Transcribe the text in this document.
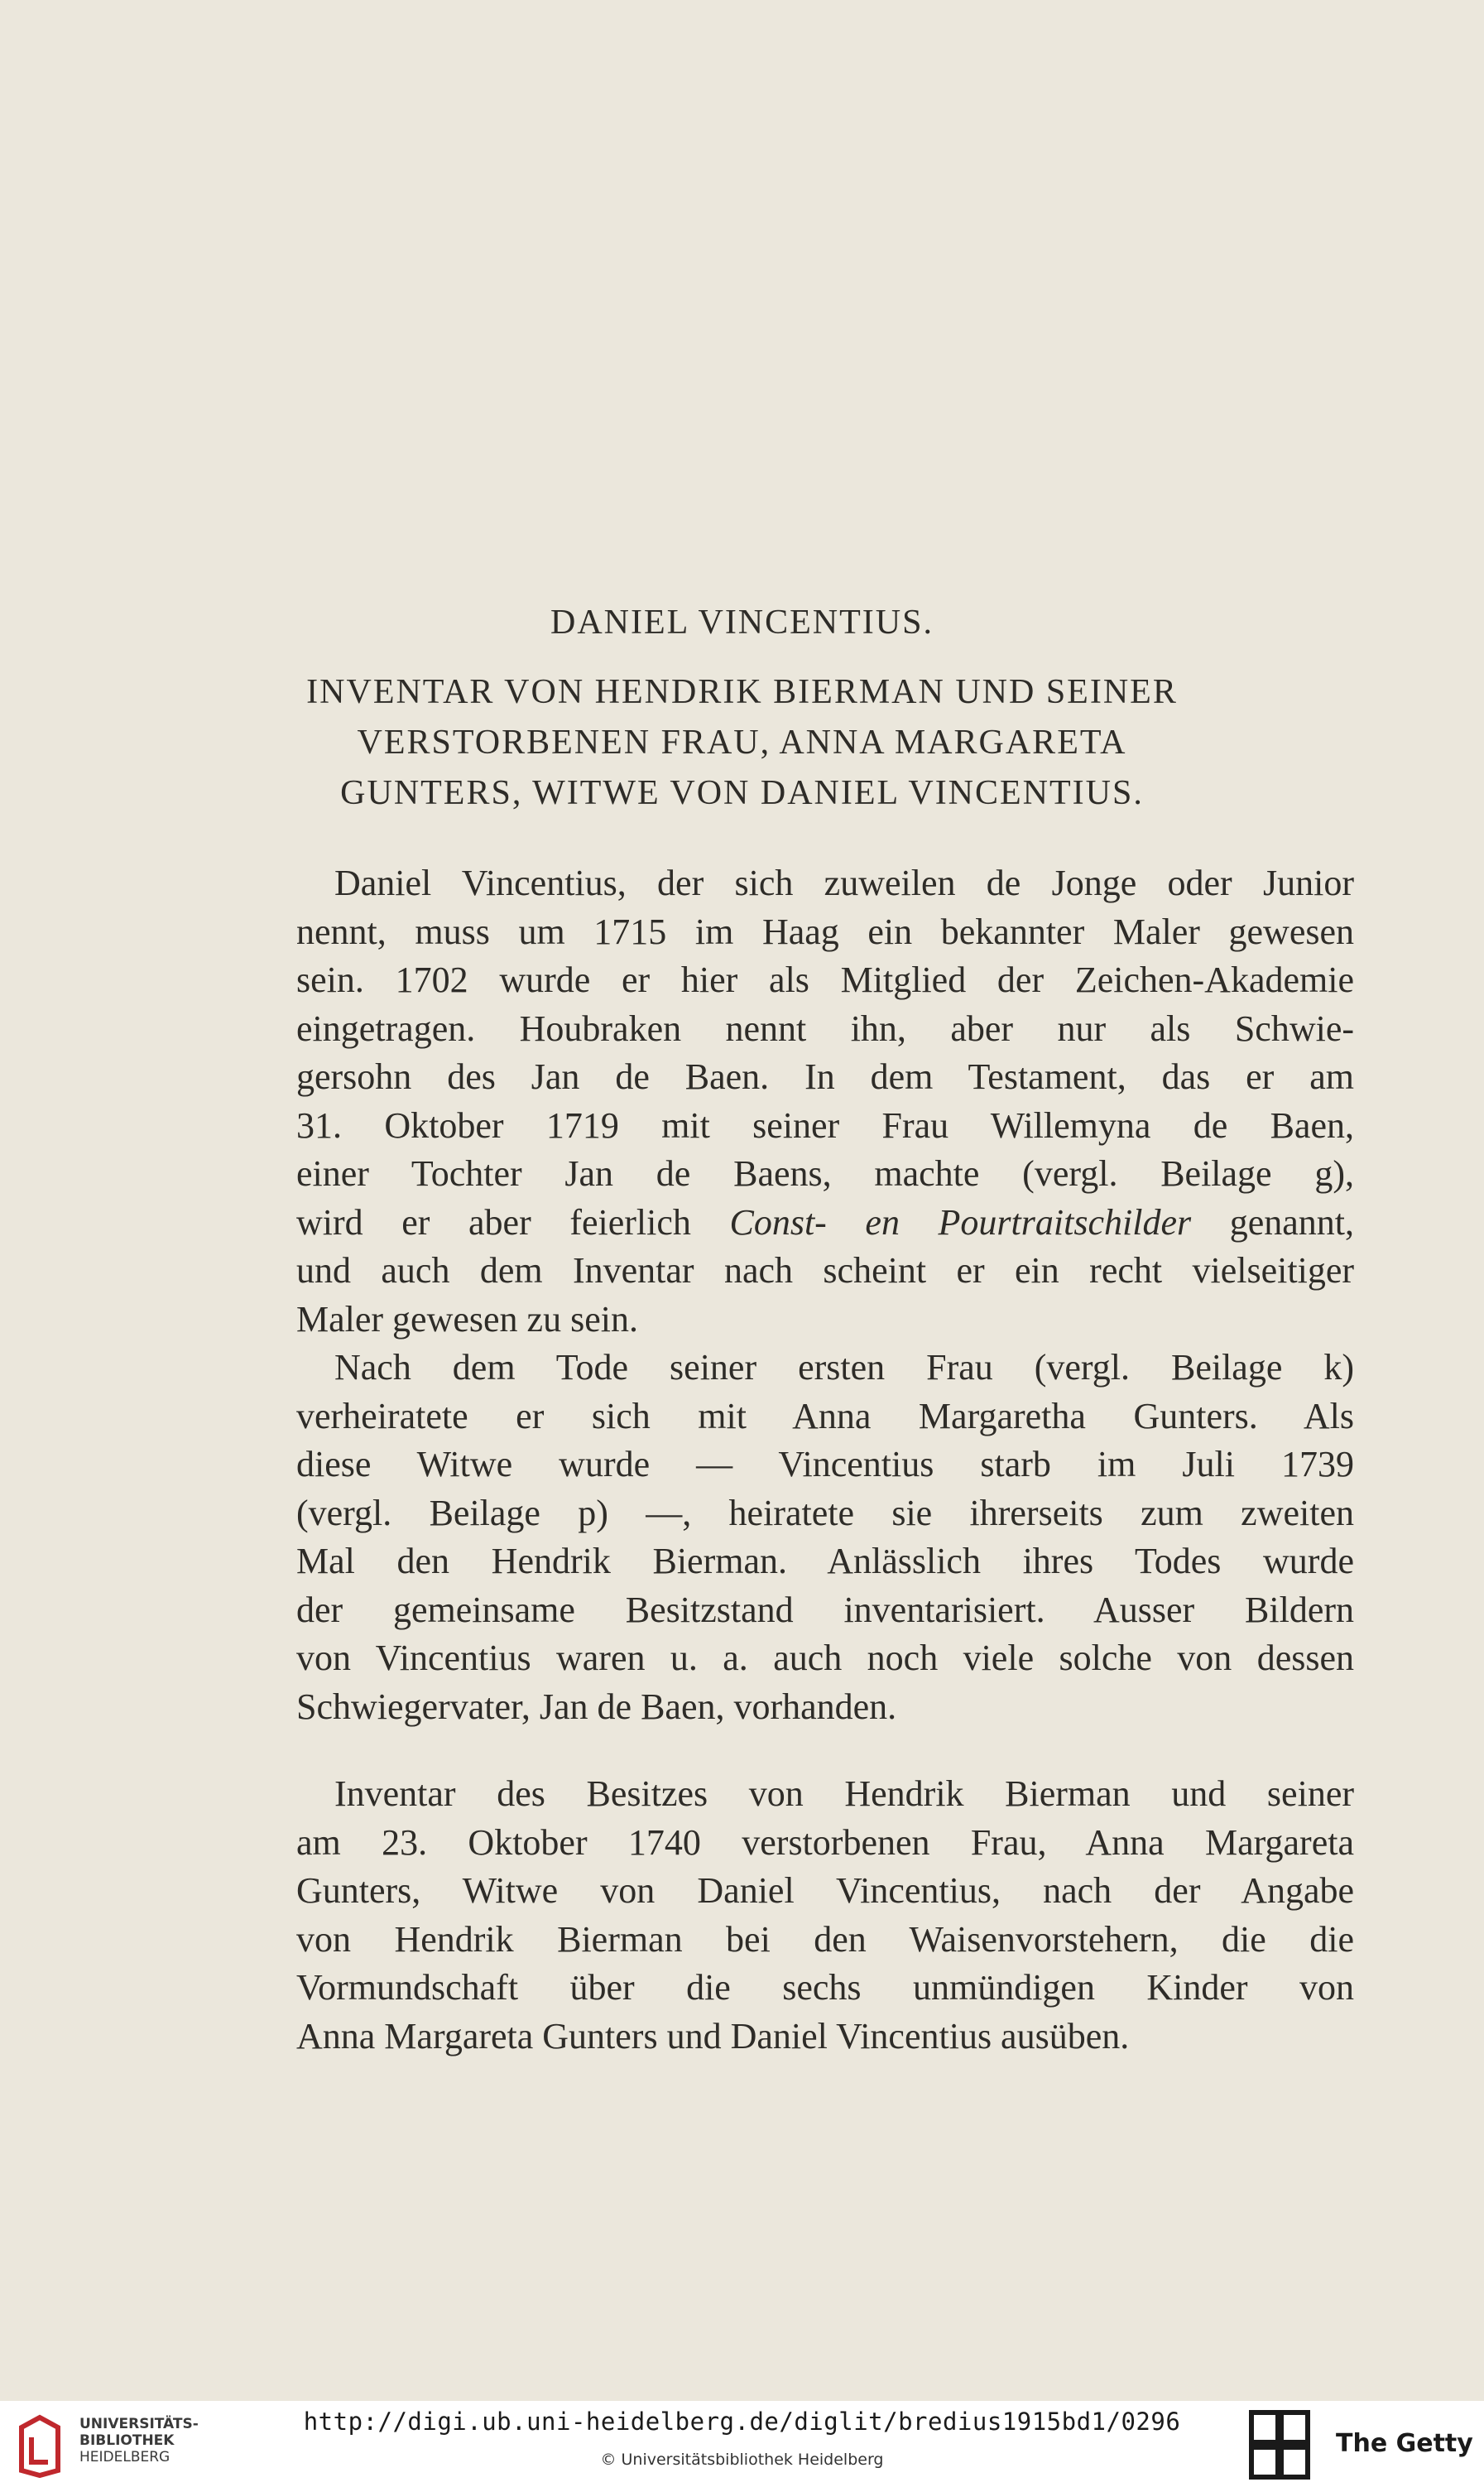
DANIEL VINCENTIUS.
INVENTAR VON HENDRIK BIERMAN UND SEINER
VERSTORBENEN FRAU, ANNA MARGARETA
GUNTERS, WITWE VON DANIEL VINCENTIUS.
Daniel Vincentius, der sich zuweilen de Jonge oder Junior
nennt, muss um 1715 im Haag ein bekannter Maler gewesen
sein. 1702 wurde er hier als Mitglied der Zeichen-Akademie
eingetragen. Houbraken nennt ihn, aber nur als Schwie-
gersohn des Jan de Baen. In dem Testament, das er am
31. Oktober 1719 mit seiner Frau Willemyna de Baen,
einer Tochter Jan de Baens, machte (vergl. Beilage g),
wird er aber feierlich Const- en Pourtraitschilder genannt,
und auch dem Inventar nach scheint er ein recht vielseitiger
Maler gewesen zu sein.
Nach dem Tode seiner ersten Frau (vergl. Beilage k)
verheiratete er sich mit Anna Margaretha Gunters. Als
diese Witwe wurde — Vincentius starb im Juli 1739
(vergl. Beilage p) —, heiratete sie ihrerseits zum zweiten
Mal den Hendrik Bierman. Anlässlich ihres Todes wurde
der gemeinsame Besitzstand inventarisiert. Ausser Bildern
von Vincentius waren u. a. auch noch viele solche von dessen
Schwiegervater, Jan de Baen, vorhanden.
Inventar des Besitzes von Hendrik Bierman und seiner
am 23. Oktober 1740 verstorbenen Frau, Anna Margareta
Gunters, Witwe von Daniel Vincentius, nach der Angabe
von Hendrik Bierman bei den Waisenvorstehern, die die
Vormundschaft über die sechs unmündigen Kinder von
Anna Margareta Gunters und Daniel Vincentius ausüben.
UNIVERSITÄTS-
BIBLIOTHEK
HEIDELBERG
http://digi.ub.uni-heidelberg.de/diglit/bredius1915bd1/0296
© Universitätsbibliothek Heidelberg
The Getty
